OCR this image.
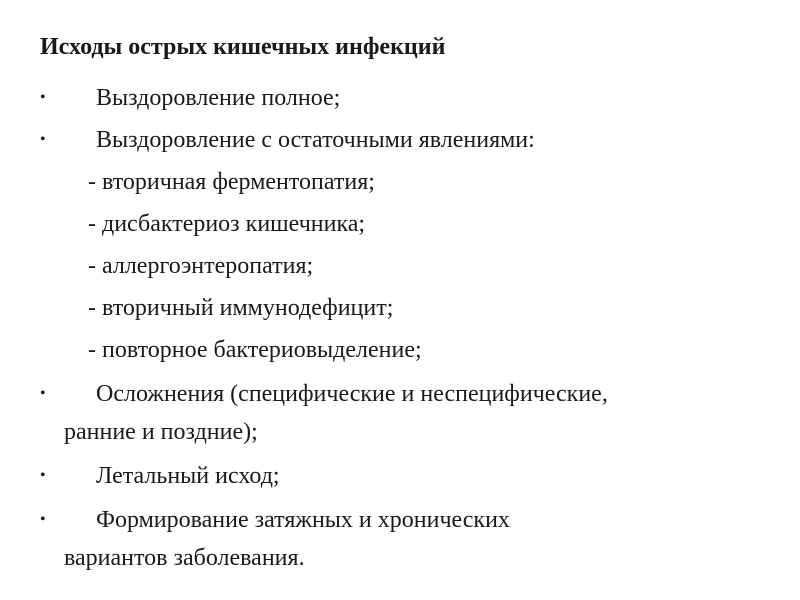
Исходы острых кишечных инфекций
• Выздоровление полное;
• Выздоровление с остаточными явлениями:
- вторичная ферментопатия;
- дисбактериоз кишечника;
- аллергоэнтеропатия;
- вторичный иммунодефицит;
- повторное бактериовыделение;
• Осложнения (специфические и неспецифические,
ранние и поздние);
• Летальный исход;
• Формирование затяжных и хронических
вариантов заболевания.
